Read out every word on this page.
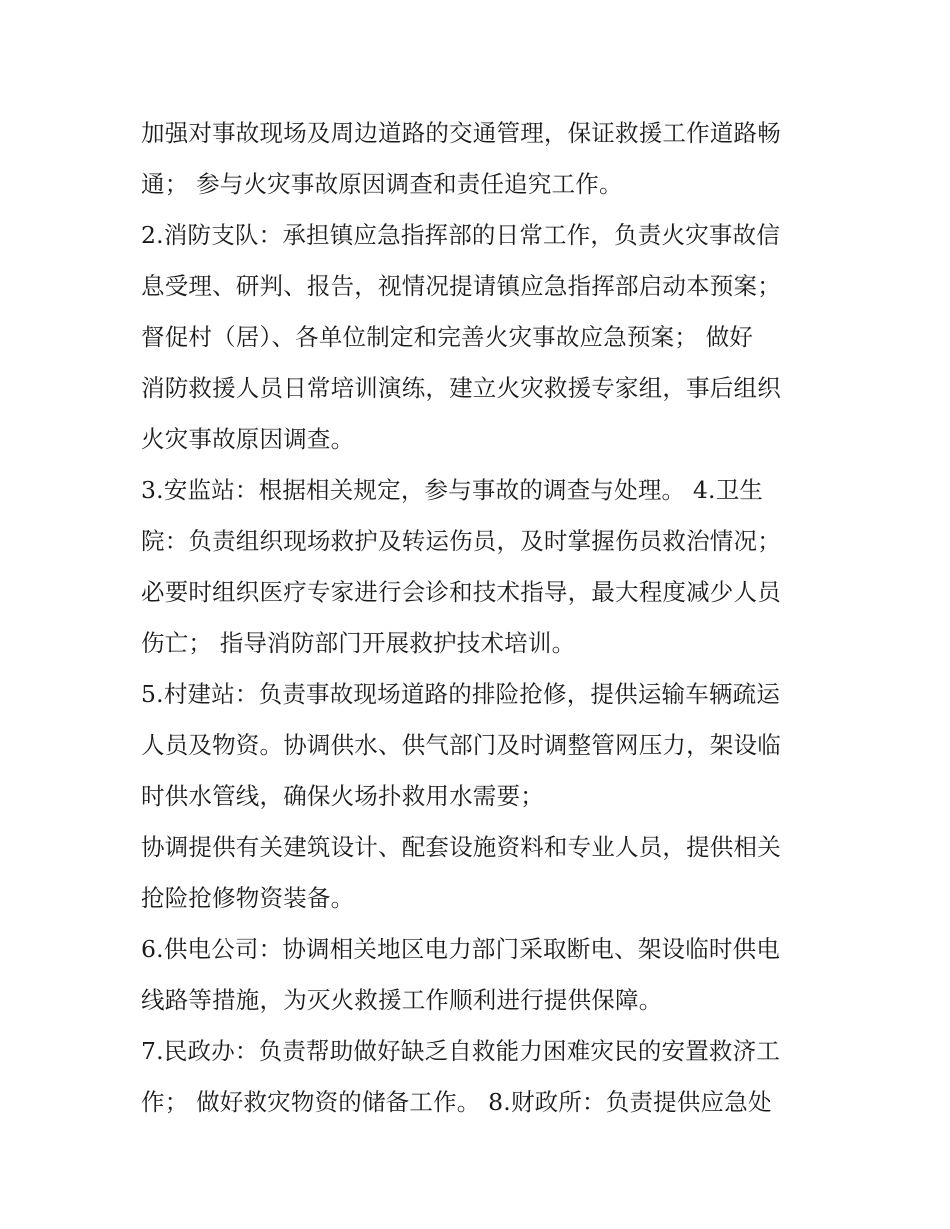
加强对事故现场及周边道路的交通管理，保证救援工作道路畅
通； 参与火灾事故原因调查和责任追究工作。
2.消防支队：承担镇应急指挥部的日常工作，负责火灾事故信
息受理、研判、报告，视情况提请镇应急指挥部启动本预案；
督促村（居）、各单位制定和完善火灾事故应急预案； 做好
消防救援人员日常培训演练，建立火灾救援专家组，事后组织
火灾事故原因调查。
3.安监站：根据相关规定，参与事故的调查与处理。 4.卫生
院：负责组织现场救护及转运伤员，及时掌握伤员救治情况；
必要时组织医疗专家进行会诊和技术指导，最大程度减少人员
伤亡； 指导消防部门开展救护技术培训。
5.村建站：负责事故现场道路的排险抢修，提供运输车辆疏运
人员及物资。协调供水、供气部门及时调整管网压力，架设临
时供水管线，确保火场扑救用水需要；
协调提供有关建筑设计、配套设施资料和专业人员，提供相关
抢险抢修物资装备。
6.供电公司：协调相关地区电力部门采取断电、架设临时供电
线路等措施，为灭火救援工作顺利进行提供保障。
7.民政办：负责帮助做好缺乏自救能力困难灾民的安置救济工
作； 做好救灾物资的储备工作。 8.财政所：负责提供应急处
